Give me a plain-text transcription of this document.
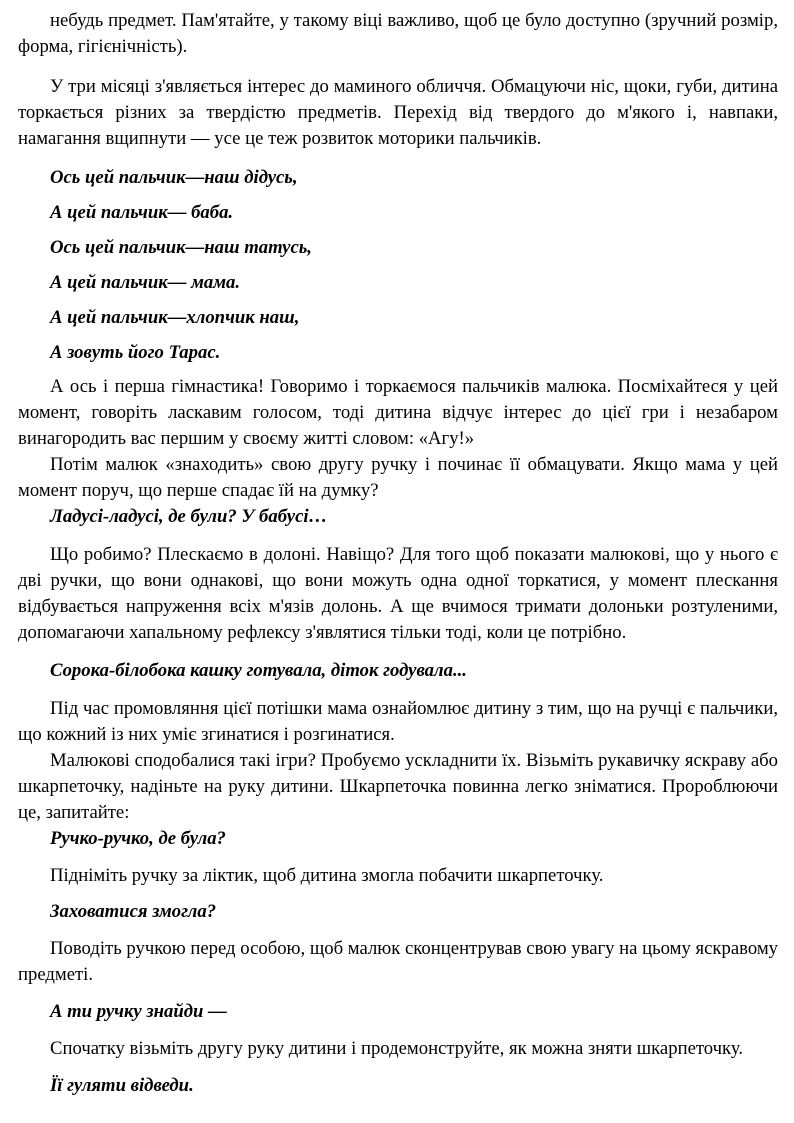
небудь предмет. Пам'ятайте, у такому віці важливо, щоб це було доступно (зручний розмір, форма, гігієнічність).

У три місяці з'являється інтерес до маминого обличчя. Обмацуючи ніс, щоки, губи, дитина торкається різних за твердістю предметів. Перехід від твердого до м'якого і, навпаки, намагання вщипнути — усе це теж розвиток моторики пальчиків.

Ось цей пальчик—наш дідусь,

А цей пальчик— баба.

Ось цей пальчик—наш татусь,

А цей пальчик— мама.

А цей пальчик—хлопчик наш,

А зовуть його Тарас.

А ось і перша гімнастика! Говоримо і торкаємося пальчиків малюка. Посміхайтеся у цей момент, говоріть ласкавим голосом, тоді дитина відчує інтерес до цієї гри і незабаром винагородить вас першим у своєму житті словом: «Агу!»

Потім малюк «знаходить» свою другу ручку і починає її обмацувати. Якщо мама у цей момент поруч, що перше спадає їй на думку?

Ладусі-ладусі, де були? У бабусі…

Що робимо? Плескаємо в долоні. Навіщо? Для того щоб показати малюкові, що у нього є дві ручки, що вони однакові, що вони можуть одна одної торкатися, у момент плескання відбувається напруження всіх м'язів долонь. А ще вчимося тримати долоньки розтуленими, допомагаючи хапальному рефлексу з'являтися тільки тоді, коли це потрібно.

Сорока-білобока кашку готувала, діток годувала...

Під час промовляння цієї потішки мама ознайомлює дитину з тим, що на ручці є пальчики, що кожний із них уміє згинатися і розгинатися.

Малюкові сподобалися такі ігри? Пробуємо ускладнити їх. Візьміть рукавичку яскраву або шкарпеточку, надіньте на руку дитини. Шкарпеточка повинна легко зніматися. Пророблюючи це, запитайте:

Ручко-ручко, де була?

Підніміть ручку за ліктик, щоб дитина змогла побачити шкарпеточку.

Заховатися змогла?

Поводіть ручкою перед особою, щоб малюк сконцентрував свою увагу на цьому яскравому предметі.

А ти ручку знайди —

Спочатку візьміть другу руку дитини і продемонструйте, як можна зняти шкарпеточку.

Її гуляти відведи.
